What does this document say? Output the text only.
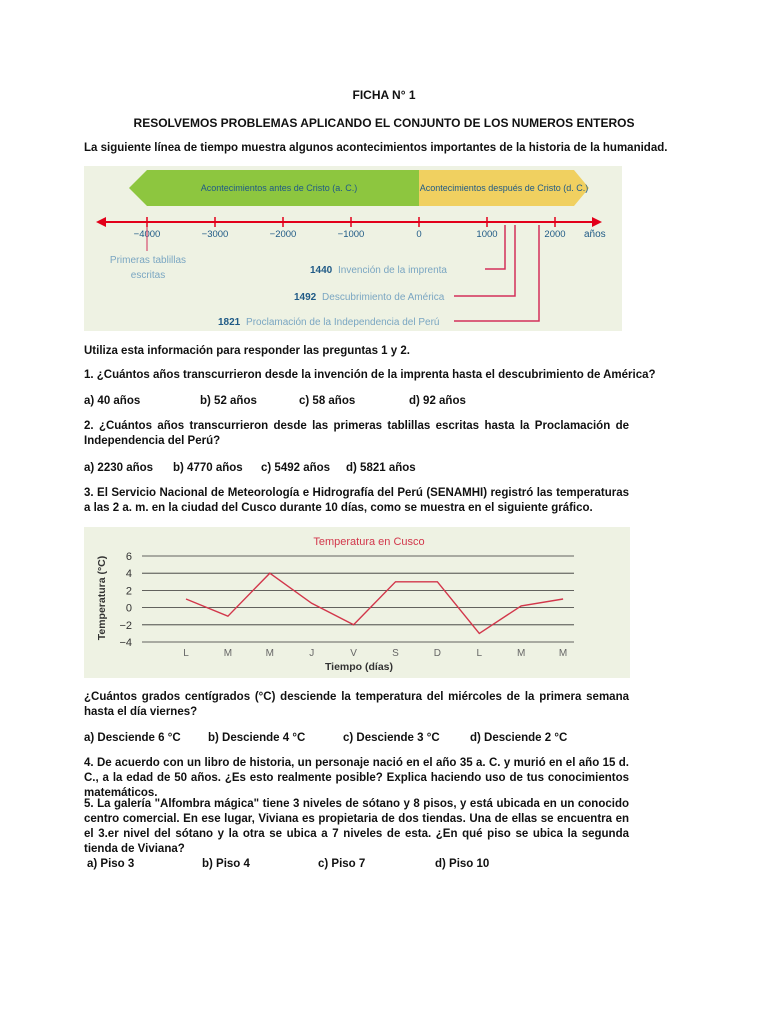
FICHA N° 1
RESOLVEMOS PROBLEMAS APLICANDO EL CONJUNTO DE LOS NUMEROS ENTEROS
La siguiente línea de tiempo muestra algunos acontecimientos importantes de la historia de la humanidad.
Acontecimientos antes de Cristo (a. C.)	Acontecimientos después de Cristo (d. C.)
−4000	−3000	−2000	−1000	0	1000	2000 años
Primeras tablillas
escritas	1440 Invención de la imprenta
1492 Descubrimiento de América
1821 Proclamación de la Independencia del Perú
Utiliza esta información para responder las preguntas 1 y 2.
1. ¿Cuántos años transcurrieron desde la invención de la imprenta hasta el descubrimiento de América?
a) 40 años	b) 52 años	c) 58 años	d) 92 años
2. ¿Cuántos años transcurrieron desde las primeras tablillas escritas hasta la Proclamación de Independencia del Perú?
a) 2230 años b) 4770 años c) 5492 años d) 5821 años
3. El Servicio Nacional de Meteorología e Hidrografía del Perú (SENAMHI) registró las temperaturas a las 2 a. m. en la ciudad del Cusco durante 10 días, como se muestra en el siguiente gráfico.
Temperatura en Cusco
Temperatura (°C)
Tiempo (días)
6
4
2
0
−2
−4
L	M	M	J	V	S	D	L	M	M
¿Cuántos grados centígrados (°C) desciende la temperatura del miércoles de la primera semana hasta el día viernes?
a) Desciende 6 °C b) Desciende 4 °C	c) Desciende 3 °C	d) Desciende 2 °C
4. De acuerdo con un libro de historia, un personaje nació en el año 35 a. C. y murió en el año 15 d. C., a la edad de 50 años. ¿Es esto realmente posible? Explica haciendo uso de tus conocimientos matemáticos.
5. La galería "Alfombra mágica" tiene 3 niveles de sótano y 8 pisos, y está ubicada en un conocido centro comercial. En ese lugar, Viviana es propietaria de dos tiendas. Una de ellas se encuentra en el 3.er nivel del sótano y la otra se ubica a 7 niveles de esta. ¿En qué piso se ubica la segunda tienda de Viviana?
a) Piso 3	b) Piso 4	c) Piso 7	d) Piso 10
